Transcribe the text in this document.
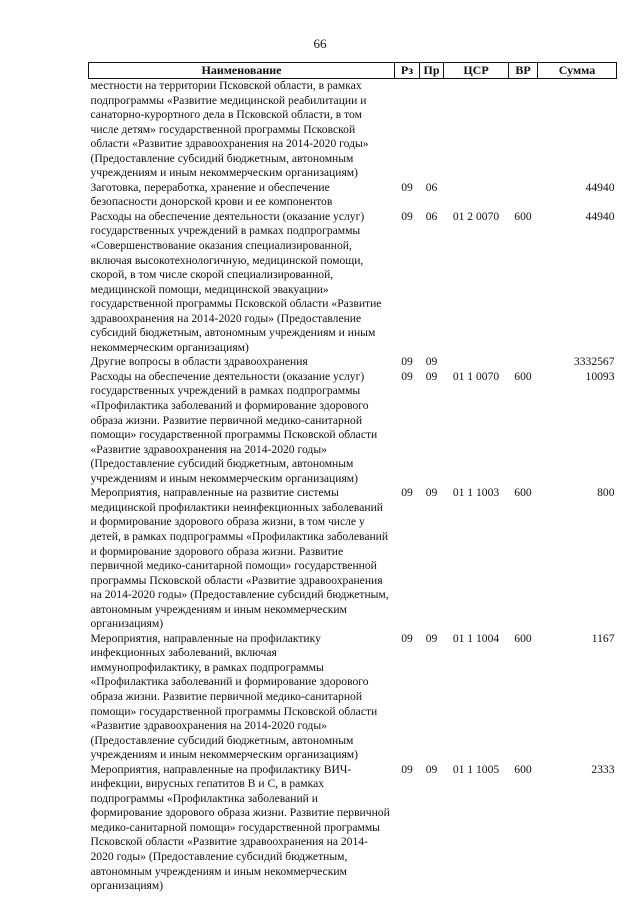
66
Наименование	Рз	Пр	ЦСР	ВР	Сумма
местности на территории Псковской области, в рамках подпрограммы «Развитие медицинской реабилитации и санаторно-курортного дела в Псковской области, в том числе детям» государственной программы Псковской области «Развитие здравоохранения на 2014-2020 годы» (Предоставление субсидий бюджетным, автономным учреждениям и иным некоммерческим организациям)					
Заготовка, переработка, хранение и обеспечение безопасности донорской крови и ее компонентов	09	06			44940
Расходы на обеспечение деятельности (оказание услуг) государственных учреждений в рамках подпрограммы «Совершенствование оказания специализированной, включая высокотехнологичную, медицинской помощи, скорой, в том числе скорой специализированной, медицинской помощи, медицинской эвакуации» государственной программы Псковской области «Развитие здравоохранения на 2014-2020 годы» (Предоставление субсидий бюджетным, автономным учреждениям и иным некоммерческим организациям)	09	06	01 2 0070	600	44940
Другие вопросы в области здравоохранения	09	09			3332567
Расходы на обеспечение деятельности (оказание услуг) государственных учреждений в рамках подпрограммы «Профилактика заболеваний и формирование здорового образа жизни. Развитие первичной медико-санитарной помощи» государственной программы Псковской области «Развитие здравоохранения на 2014-2020 годы» (Предоставление субсидий бюджетным, автономным учреждениям и иным некоммерческим организациям)	09	09	01 1 0070	600	10093
Мероприятия, направленные на развитие системы медицинской профилактики неинфекционных заболеваний и формирование здорового образа жизни, в том числе у детей, в рамках подпрограммы «Профилактика заболеваний и формирование здорового образа жизни. Развитие первичной медико-санитарной помощи» государственной программы Псковской области «Развитие здравоохранения на 2014-2020 годы» (Предоставление субсидий бюджетным, автономным учреждениям и иным некоммерческим организациям)	09	09	01 1 1003	600	800
Мероприятия, направленные на профилактику инфекционных заболеваний, включая иммунопрофилактику, в рамках подпрограммы «Профилактика заболеваний и формирование здорового образа жизни. Развитие первичной медико-санитарной помощи» государственной программы Псковской области «Развитие здравоохранения на 2014-2020 годы» (Предоставление субсидий бюджетным, автономным учреждениям и иным некоммерческим организациям)	09	09	01 1 1004	600	1167
Мероприятия, направленные на профилактику ВИЧ-инфекции, вирусных гепатитов В и С, в рамках подпрограммы «Профилактика заболеваний и формирование здорового образа жизни. Развитие первичной медико-санитарной помощи» государственной программы Псковской области «Развитие здравоохранения на 2014-2020 годы» (Предоставление субсидий бюджетным, автономным учреждениям и иным некоммерческим организациям)	09	09	01 1 1005	600	2333
